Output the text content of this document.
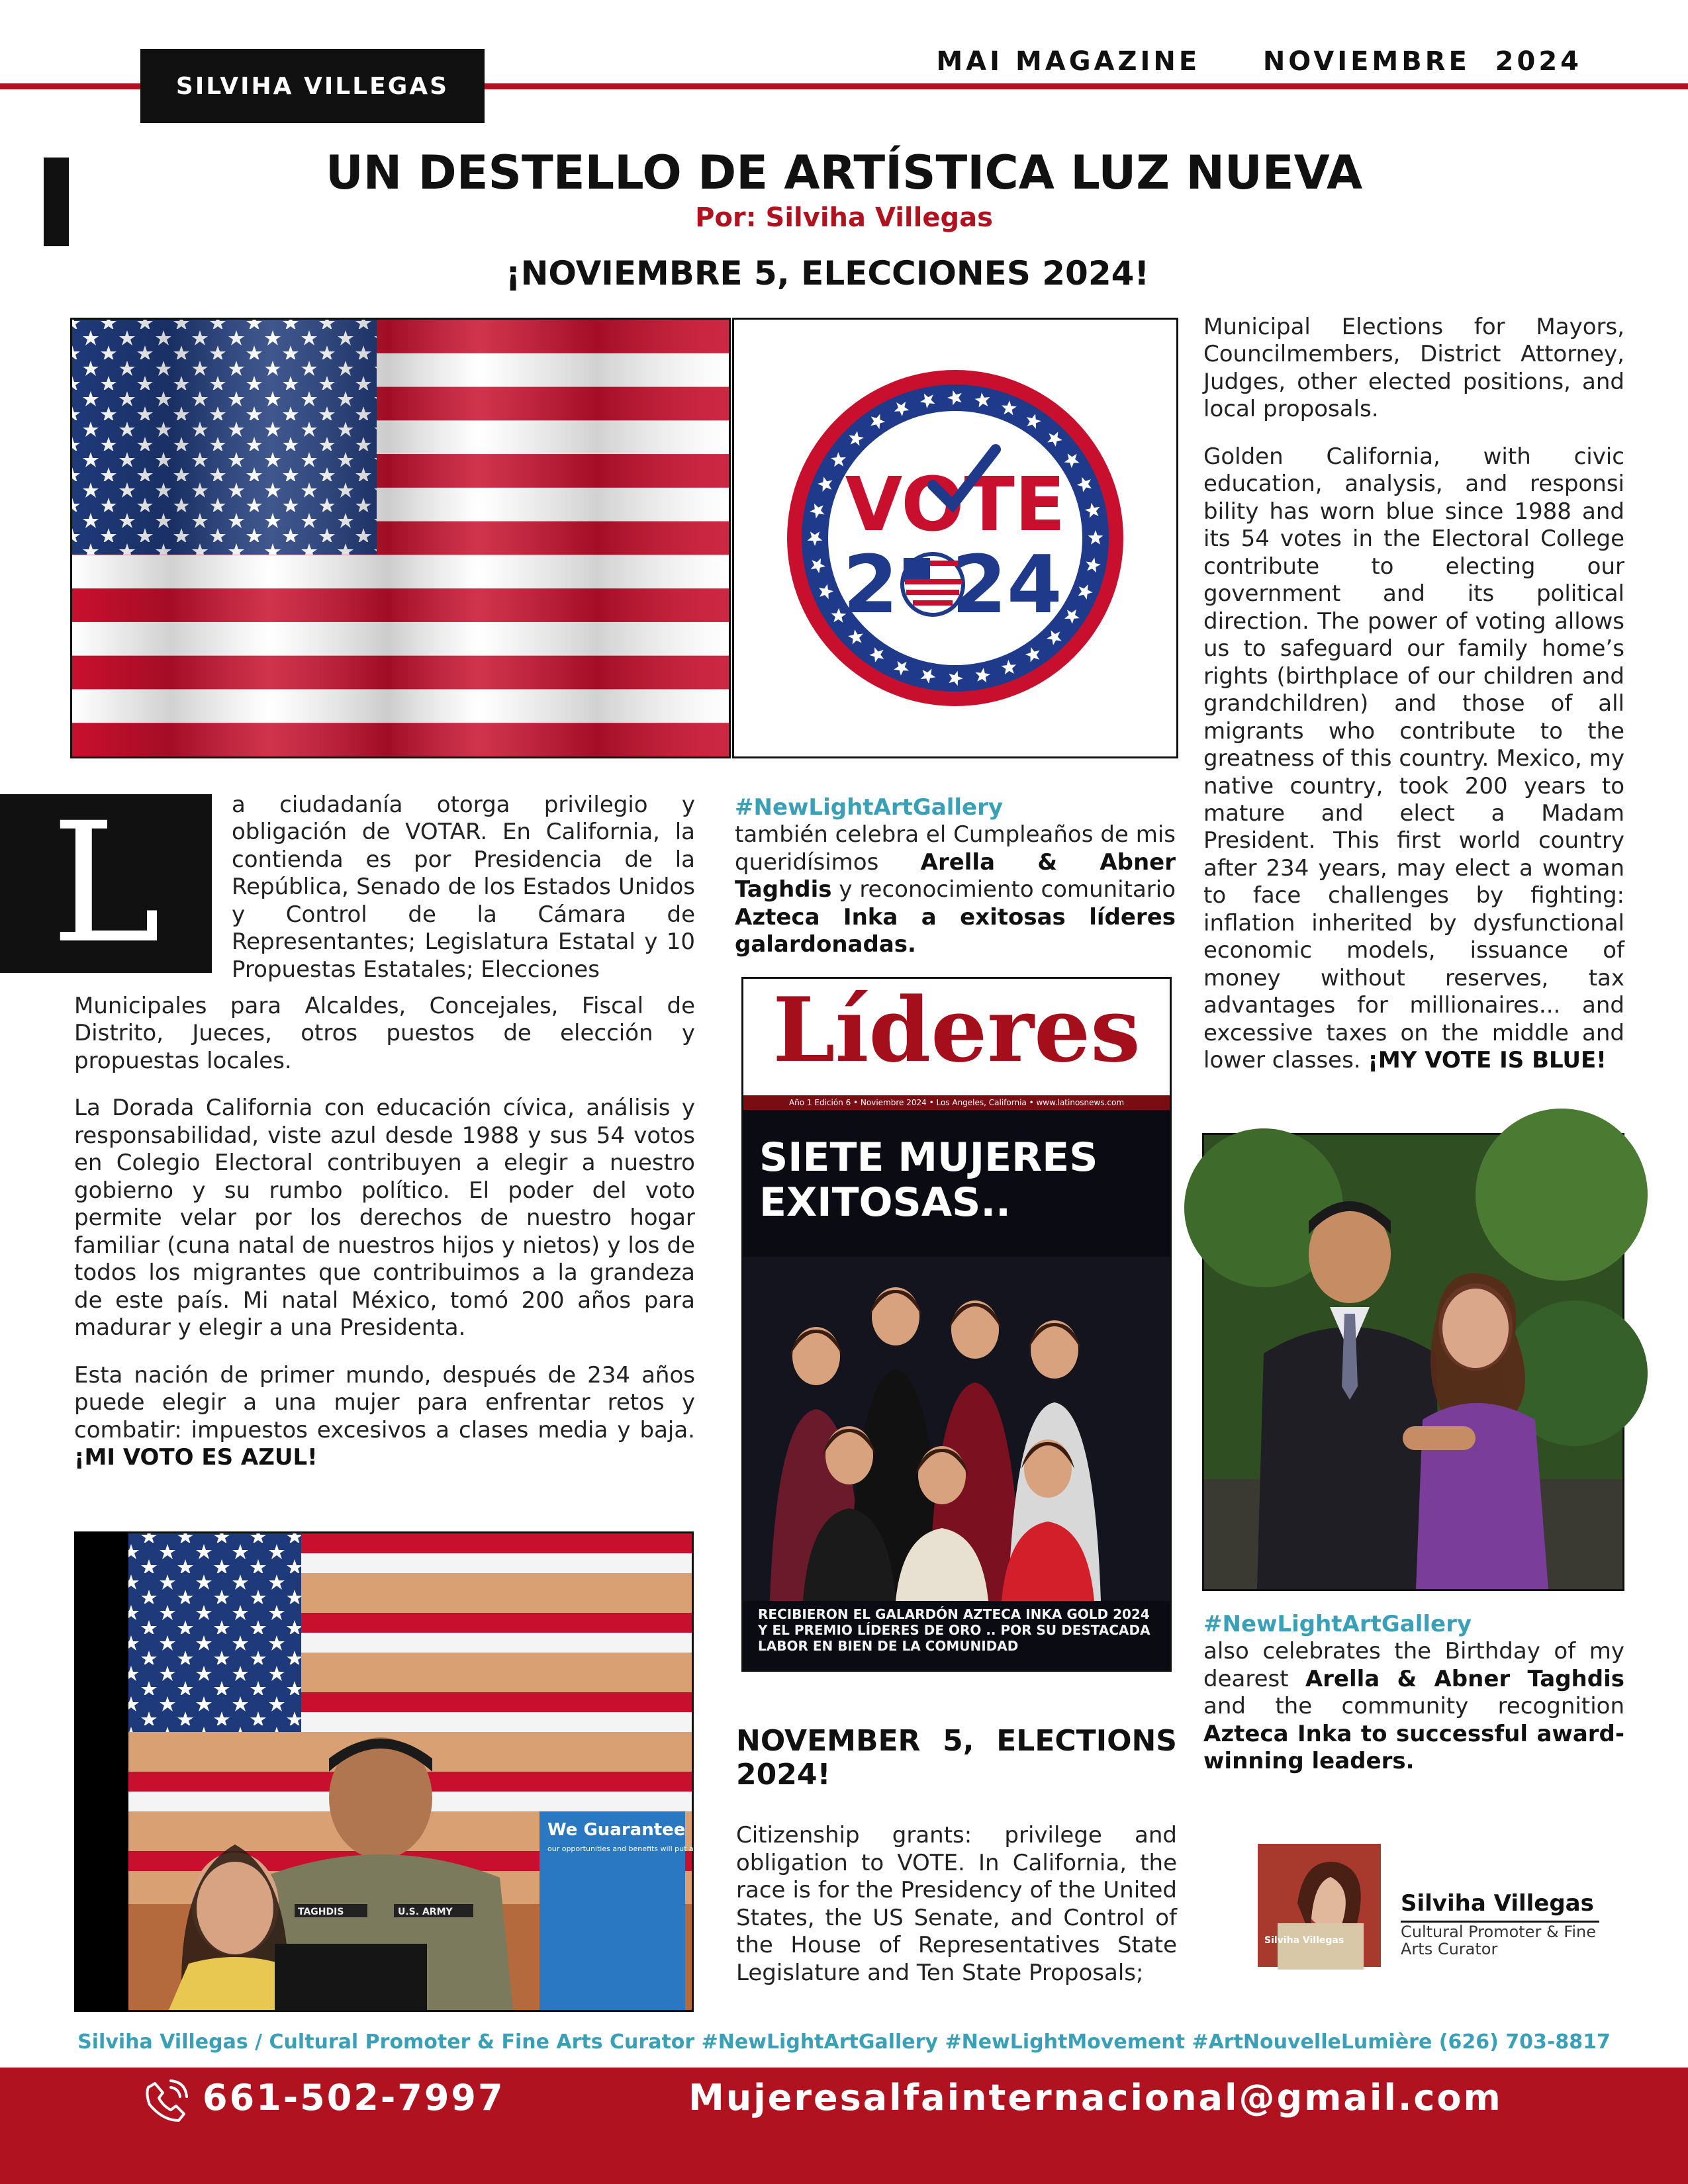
SILVIHA VILLEGAS
MAI MAGAZINE NOVIEMBRE  2024
UN DESTELLO DE ARTÍSTICA LUZ NUEVA
Por: Silviha Villegas
¡NOVIEMBRE 5, ELECCIONES 2024!
VOTE
2 24
L	a ciudadanía otorga privilegio y obligación de VOTAR. En California, la contienda es por Presidencia de la República, Senado de los Estados Unidos y Control de la Cámara de Representantes; Legislatura Estatal y 10 Propuestas Estatales; Elecciones

Municipales para Alcaldes, Concejales, Fiscal de Distrito, Jueces, otros puestos de elección y propuestas locales.

La Dorada California con educación cívica, análisis y responsabilidad, viste azul desde 1988 y sus 54 votos en Colegio Electoral contribuyen a elegir a nuestro gobierno y su rumbo político. El poder del voto permite velar por los derechos de nuestro hogar familiar (cuna natal de nuestros hijos y nietos) y los de todos los migrantes que contribuimos a la grandeza de este país. Mi natal México, tomó 200 años para madurar y elegir a una Presidenta.

Esta nación de primer mundo, después de 234 años puede elegir a una mujer para enfrentar retos y combatir: impuestos excesivos a clases media y baja. ¡MI VOTO ES AZUL!

#NewLightArtGallery
también celebra el Cumpleaños de mis queridísimos Arella & Abner Taghdis y reconocimiento comunitario Azteca Inka a exitosas líderes galardonadas.

Líderes
Año 1 Edición 6 • Noviembre 2024 • Los Angeles, California • www.latinosnews.com
SIETE MUJERES
EXITOSAS..
RECIBIERON EL GALARDÓN AZTECA INKA GOLD 2024
Y EL PREMIO LÍDERES DE ORO .. POR SU DESTACADA
LABOR EN BIEN DE LA COMUNIDAD

Municipal Elections for Mayors, Councilmembers, District Attorney, Judges, other elected positions, and local proposals.

Golden California, with civic education, analysis, and responsi bility has worn blue since 1988 and its 54 votes in the Electoral College contribute to electing our government and its political direction. The power of voting allows us to safeguard our family home’s rights (birthplace of our children and grandchildren) and those of all migrants who contribute to the greatness of this country. Mexico, my native country, took 200 years to mature and elect a Madam President. This first world country after 234 years, may elect a woman to face challenges by fighting: inflation inherited by dysfunctional economic models, issuance of money without reserves, tax advantages for millionaires... and excessive taxes on the middle and lower classes. ¡MY VOTE IS BLUE!

#NewLightArtGallery
also celebrates the Birthday of my dearest Arella & Abner Taghdis and the community recognition Azteca Inka to successful award-winning leaders.

NOVEMBER 5, ELECTIONS 2024!

Citizenship grants: privilege and obligation to VOTE. In California, the race is for the Presidency of the United States, the US Senate, and Control of the House of Representatives State Legislature and Ten State Proposals;

We Guarantee
our opportunities and benefits will put a smile on your face.
TAGHDIS	U.S. ARMY
Silviha Villegas
Silviha Villegas
Cultural Promoter & Fine Arts Curator
Silviha Villegas / Cultural Promoter & Fine Arts Curator #NewLightArtGallery #NewLightMovement #ArtNouvelleLumière (626) 703-8817
661-502-7997	Mujeresalfainternacional@gmail.com
